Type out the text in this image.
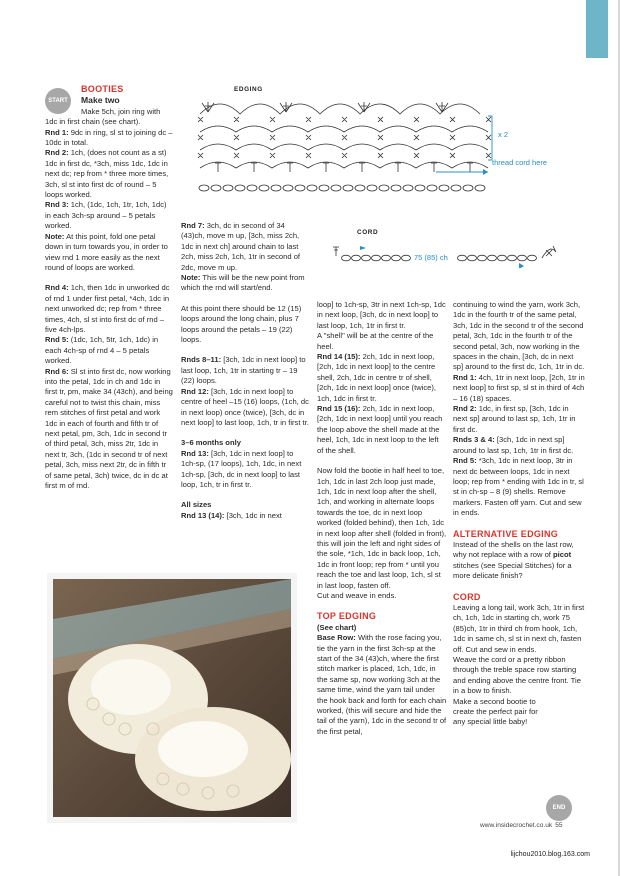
START

BOOTIES

Make two

Make 5ch, join ring with 1dc in first chain (see chart).

Rnd 1: 9dc in ring, sl st to joining dc – 10dc in total.

Rnd 2: 1ch, (does not count as a st) 1dc in first dc, *3ch, miss 1dc, 1dc in next dc; rep from * three more times, 3ch, sl st into first dc of round – 5 loops worked.

Rnd 3: 1ch, (1dc, 1ch, 1tr, 1ch, 1dc) in each 3ch-sp around – 5 petals worked.

Note: At this point, fold one petal down in turn towards you, in order to view rnd 1 more easily as the next round of loops are worked.

Rnd 4: 1ch, then 1dc in unworked dc of rnd 1 under first petal, *4ch, 1dc in next unworked dc; rep from * three times, 4ch, sl st into first dc of rnd – five 4ch-lps.

Rnd 5: (1dc, 1ch, 5tr, 1ch, 1dc) in each 4ch-sp of rnd 4 – 5 petals worked.

Rnd 6: Sl st into first dc, now working into the petal, 1dc in ch and 1dc in first tr, pm, make 34 (43ch), and being careful not to twist this chain, miss rem stitches of first petal and work 1dc in each of fourth and fifth tr of next petal, pm, 3ch, 1dc in second tr of third petal, 3ch, miss 2tr, 1dc in next tr, 3ch, (1dc in second tr of next petal, 3ch, miss next 2tr, dc in fifth tr of same petal, 3ch) twice, dc in dc at first m of rnd.

Rnd 7: 3ch, dc in second of 34 (43)ch, move m up, [3ch, miss 2ch, 1dc in next ch] around chain to last 2ch, miss 2ch, 1ch, 1tr in second of 2dc, move m up.

Note: This will be the new point from which the rnd will start/end.

At this point there should be 12 (15) loops around the long chain, plus 7 loops around the petals – 19 (22) loops.

Rnds 8–11: [3ch, 1dc in next loop] to last loop, 1ch, 1tr in starting tr – 19 (22) loops.

Rnd 12: [3ch, 1dc in next loop] to centre of heel –15 (16) loops, (1ch, dc in next loop) once (twice), [3ch, dc in next loop] to last loop, 1ch, tr in first tr.

3–6 months only

Rnd 13: [3ch, 1dc in next loop] to 1ch-sp, (17 loops), 1ch, 1dc, in next 1ch-sp, [3ch, dc in next loop] to last loop, 1ch, tr in first tr.

All sizes

Rnd 13 (14): [3ch, 1dc in next

loop] to 1ch-sp, 3tr in next 1ch-sp, 1dc in next loop, [3ch, dc in next loop] to last loop, 1ch, 1tr in first tr.

A "shell" will be at the centre of the heel.

Rnd 14 (15): 2ch, 1dc in next loop, [2ch, 1dc in next loop] to the centre shell, 2ch, 1dc in centre tr of shell, [2ch, 1dc in next loop] once (twice), 1ch, 1dc in first tr.

Rnd 15 (16): 2ch, 1dc in next loop, [2ch, 1dc in next loop] until you reach the loop above the shell made at the heel, 1ch, 1dc in next loop to the left of the shell.

Now fold the bootie in half heel to toe, 1ch, 1dc in last 2ch loop just made, 1ch, 1dc in next loop after the shell, 1ch, and working in alternate loops towards the toe, dc in next loop worked (folded behind), then 1ch, 1dc in next loop after shell (folded in front), this will join the left and right sides of the sole, *1ch, 1dc in back loop, 1ch, 1dc in front loop; rep from * until you reach the toe and last loop, 1ch, sl st in last loop, fasten off.

Cut and weave in ends.

TOP EDGING

(See chart)

Base Row: With the rose facing you, tie the yarn in the first 3ch-sp at the start of the 34 (43)ch, where the first stitch marker is placed, 1ch, 1dc, in the same sp, now working 3ch at the same time, wind the yarn tail under the hook back and forth for each chain worked, (this will secure and hide the tail of the yarn), 1dc in the second tr of the first petal,

continuing to wind the yarn, work 3ch, 1dc in the fourth tr of the same petal, 3ch, 1dc in the second tr of the second petal, 3ch, 1dc in the fourth tr of the second petal, 3ch, now working in the spaces in the chain, [3ch, dc in next sp] around to the first dc, 1ch, 1tr in dc.

Rnd 1: 4ch, 1tr in next loop, [2ch, 1tr in next loop] to first sp, sl st in third of 4ch – 16 (18) spaces.

Rnd 2: 1dc, in first sp, [3ch, 1dc in next sp] around to last sp, 1ch, 1tr in first dc.

Rnds 3 & 4: [3ch, 1dc in next sp] around to last sp, 1ch, 1tr in first dc.

Rnd 5: *3ch, 1dc in next loop, 3tr in next dc between loops, 1dc in next loop; rep from * ending with 1dc in tr, sl st in ch-sp – 8 (9) shells. Remove markers. Fasten off yarn. Cut and sew in ends.

ALTERNATIVE EDGING

Instead of the shells on the last row, why not replace with a row of picot stitches (see Special Stitches) for a more delicate finish?

CORD

Leaving a long tail, work 3ch, 1tr in first ch, 1ch, 1dc in starting ch, work 75 (85)ch, 1tr in third ch from hook, 1ch, 1dc in same ch, sl st in next ch, fasten off. Cut and sew in ends.

Weave the cord or a pretty ribbon through the treble space row starting and ending above the centre front. Tie in a bow to finish.

Make a second bootie to create the perfect pair for any special little baby!

END
EDGING
x 2
thread cord here
CORD
75 (85) ch
www.insidecrochet.co.uk 55
lijchou2010.blog.163.com
